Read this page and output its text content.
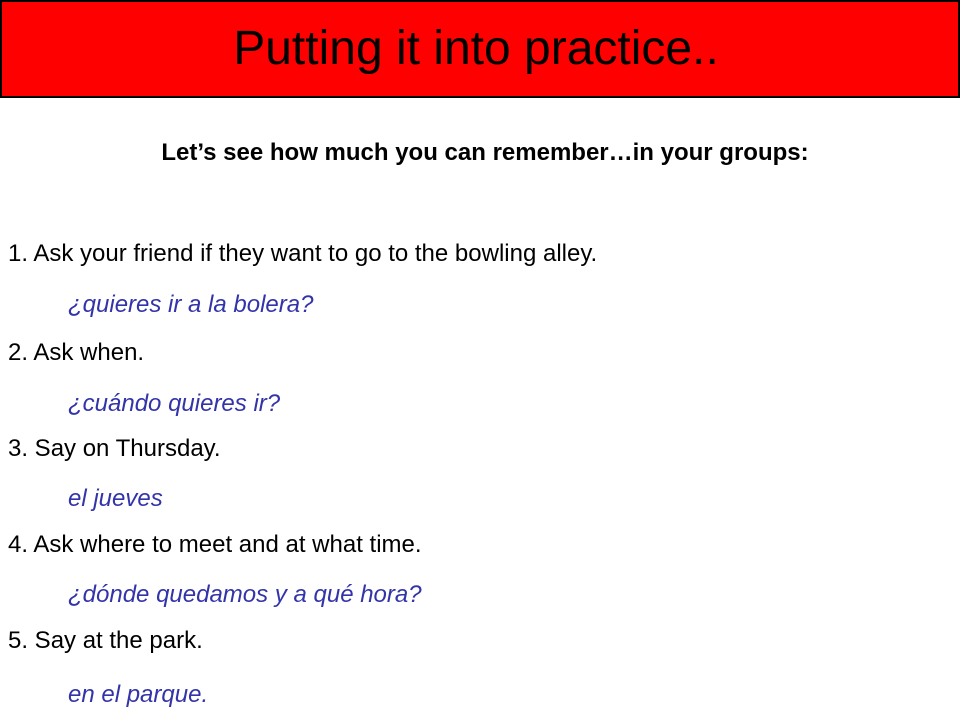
Putting it into practice..
Let’s see how much you can remember…in your groups:
1. Ask your friend if they want to go to the bowling alley.
¿quieres ir a la bolera?
2. Ask when.
¿cuándo quieres ir?
3. Say on Thursday.
el jueves
4. Ask where to meet and at what time.
¿dónde quedamos y a qué hora?
5. Say at the park.
en el parque.
